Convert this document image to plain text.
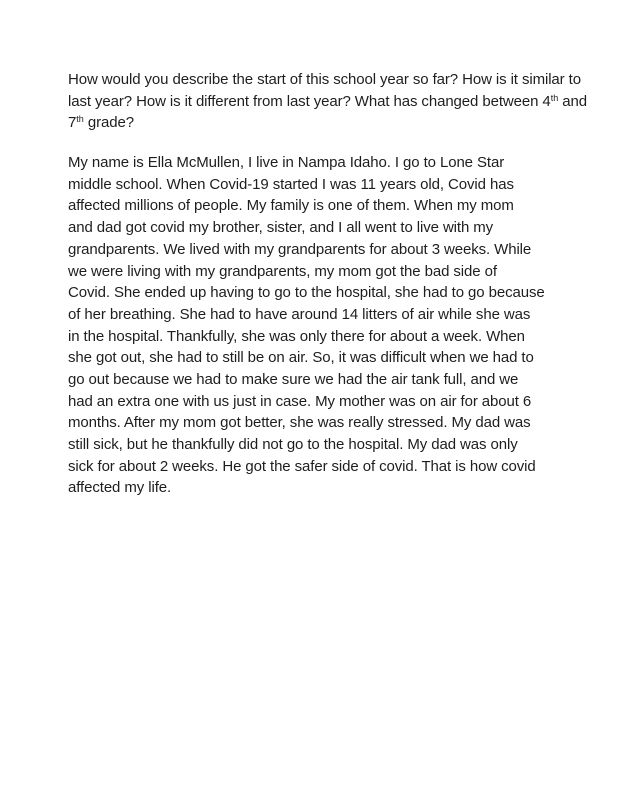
How would you describe the start of this school year so far? How is it similar to
last year? How is it different from last year? What has changed between 4th and
7th grade?
My name is Ella McMullen, I live in Nampa Idaho. I go to Lone Star
middle school. When Covid-19 started I was 11 years old, Covid has
affected millions of people. My family is one of them. When my mom
and dad got covid my brother, sister, and I all went to live with my
grandparents. We lived with my grandparents for about 3 weeks. While
we were living with my grandparents, my mom got the bad side of
Covid. She ended up having to go to the hospital, she had to go because
of her breathing. She had to have around 14 litters of air while she was
in the hospital. Thankfully, she was only there for about a week. When
she got out, she had to still be on air. So, it was difficult when we had to
go out because we had to make sure we had the air tank full, and we
had an extra one with us just in case. My mother was on air for about 6
months. After my mom got better, she was really stressed. My dad was
still sick, but he thankfully did not go to the hospital. My dad was only
sick for about 2 weeks. He got the safer side of covid. That is how covid
affected my life.
